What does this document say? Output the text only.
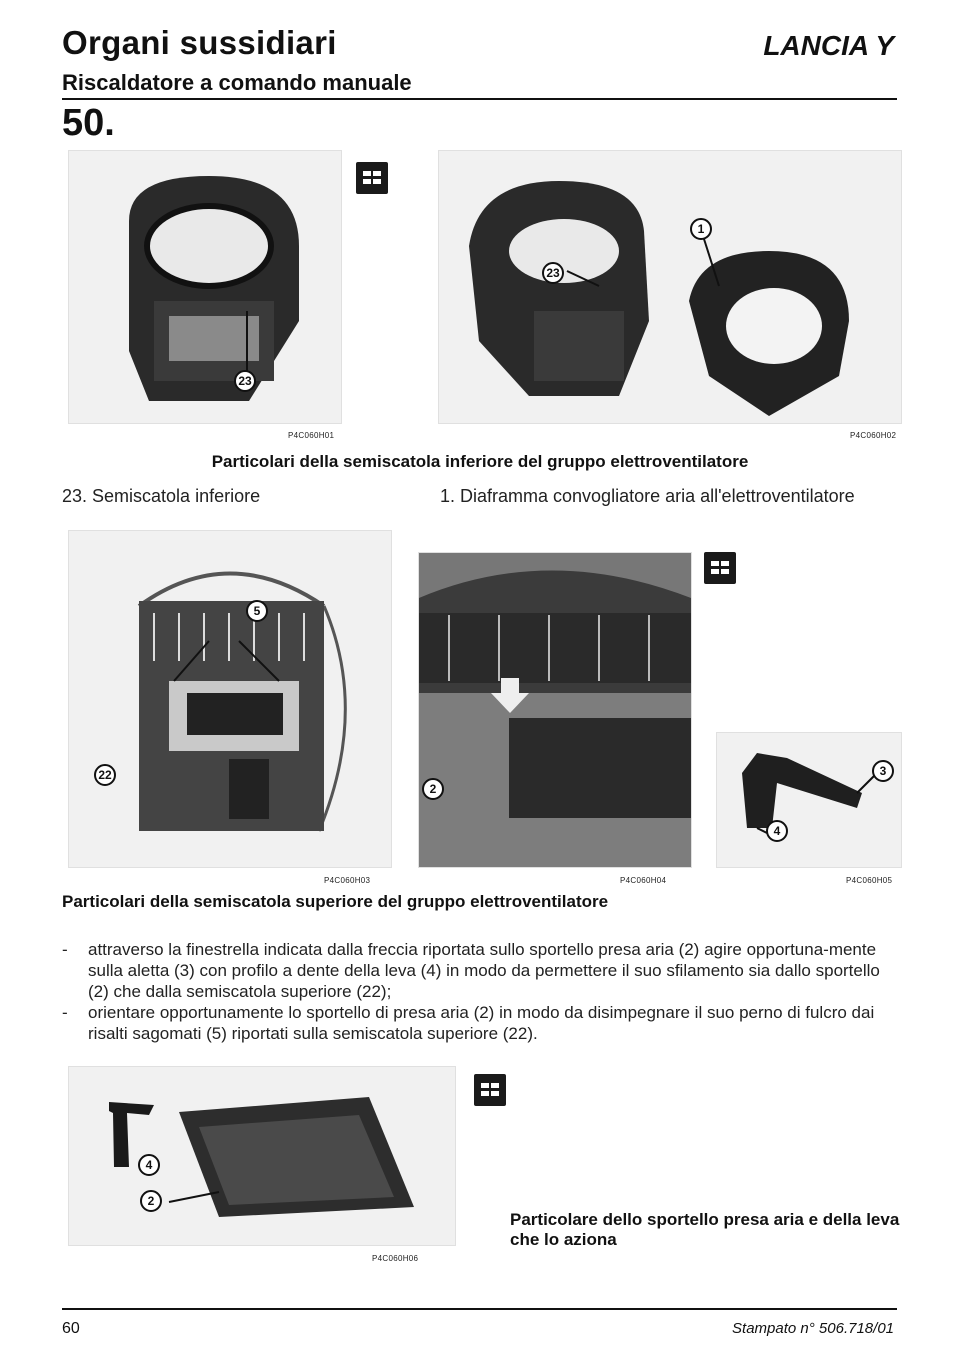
Organi sussidiari
Riscaldatore a comando manuale
LANCIA Y
50.
23
23
1
P4C060H01	P4C060H02
Particolari della semiscatola inferiore del gruppo elettroventilatore
23. Semiscatola inferiore	1. Diaframma convogliatore aria all'elettroventilatore
5
22
2
3
4
P4C060H03	P4C060H04	P4C060H05
Particolari della semiscatola superiore del gruppo elettroventilatore
- attraverso la finestrella indicata dalla freccia riportata sullo sportello presa aria (2) agire opportuna-mente sulla aletta (3) con profilo a dente della leva (4) in modo da permettere il suo sfilamento sia dallo sportello (2) che dalla semiscatola superiore (22);
- orientare opportunamente lo sportello di presa aria (2) in modo da disimpegnare il suo perno di fulcro dai risalti sagomati (5) riportati sulla semiscatola superiore (22).
4
2
Particolare dello sportello presa aria e della leva che lo aziona
P4C060H06
60	Stampato n° 506.718/01
